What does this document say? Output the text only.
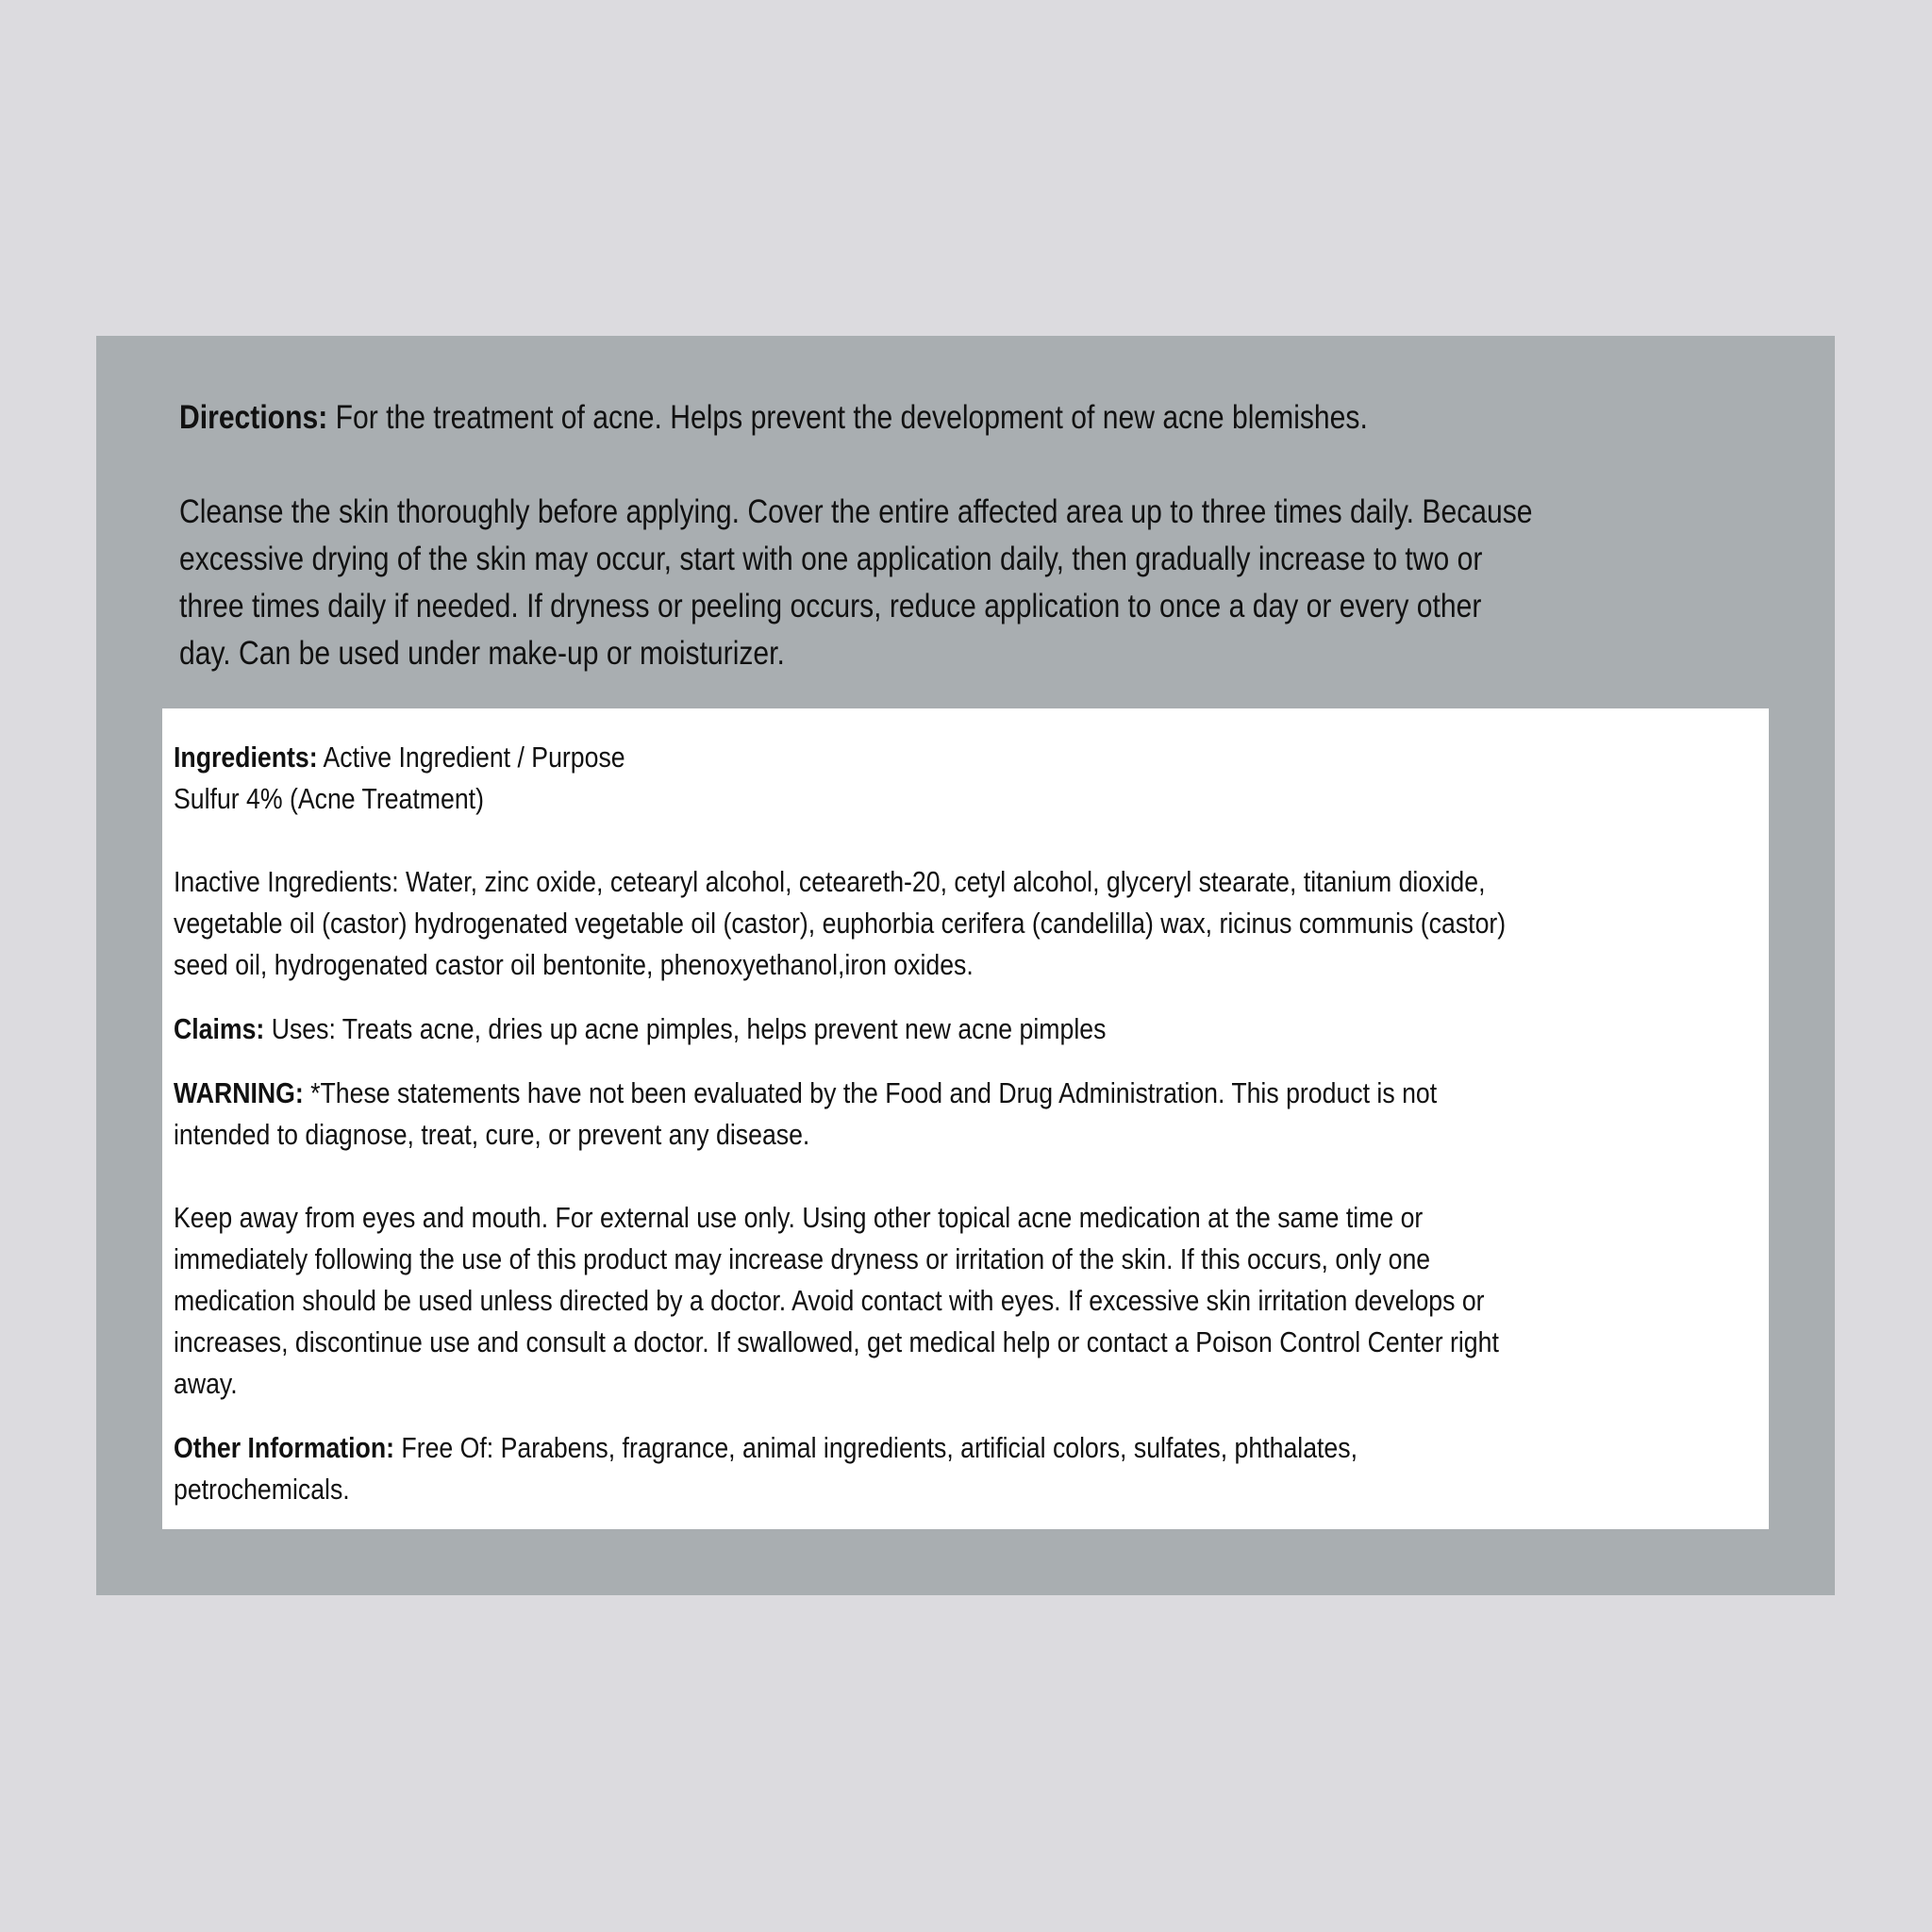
Directions: For the treatment of acne. Helps prevent the development of new acne blemishes.

Cleanse the skin thoroughly before applying. Cover the entire affected area up to three times daily. Because

excessive drying of the skin may occur, start with one application daily, then gradually increase to two or

three times daily if needed. If dryness or peeling occurs, reduce application to once a day or every other

day. Can be used under make-up or moisturizer.

Ingredients: Active Ingredient / Purpose

Sulfur 4% (Acne Treatment)

Inactive Ingredients: Water, zinc oxide, cetearyl alcohol, ceteareth-20, cetyl alcohol, glyceryl stearate, titanium dioxide,

vegetable oil (castor) hydrogenated vegetable oil (castor), euphorbia cerifera (candelilla) wax, ricinus communis (castor)

seed oil, hydrogenated castor oil bentonite, phenoxyethanol,iron oxides.

Claims: Uses: Treats acne, dries up acne pimples, helps prevent new acne pimples

WARNING: *These statements have not been evaluated by the Food and Drug Administration. This product is not

intended to diagnose, treat, cure, or prevent any disease.

Keep away from eyes and mouth. For external use only. Using other topical acne medication at the same time or

immediately following the use of this product may increase dryness or irritation of the skin. If this occurs, only one

medication should be used unless directed by a doctor. Avoid contact with eyes. If excessive skin irritation develops or

increases, discontinue use and consult a doctor. If swallowed, get medical help or contact a Poison Control Center right

away.

Other Information: Free Of: Parabens, fragrance, animal ingredients, artificial colors, sulfates, phthalates,

petrochemicals.
